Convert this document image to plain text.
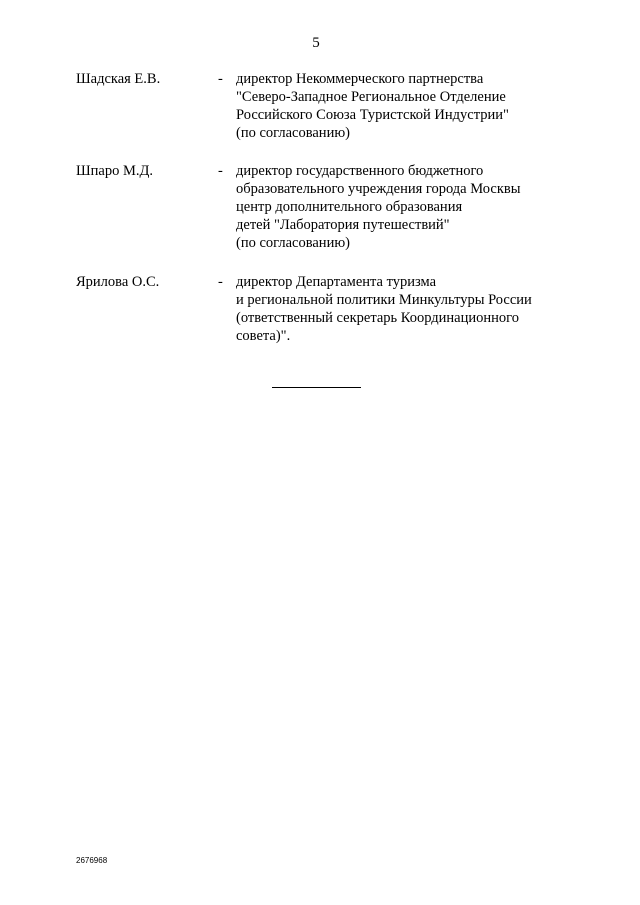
5
Шадская Е.В.	- директор Некоммерческого партнерства
"Северо-Западное Региональное Отделение
Российского Союза Туристской Индустрии"
(по согласованию)
Шпаро М.Д.	- директор государственного бюджетного
образовательного учреждения города Москвы
центр дополнительного образования
детей "Лаборатория путешествий"
(по согласованию)
Ярилова О.С.	- директор Департамента туризма
и региональной политики Минкультуры России
(ответственный секретарь Координационного
совета)".
2676968
